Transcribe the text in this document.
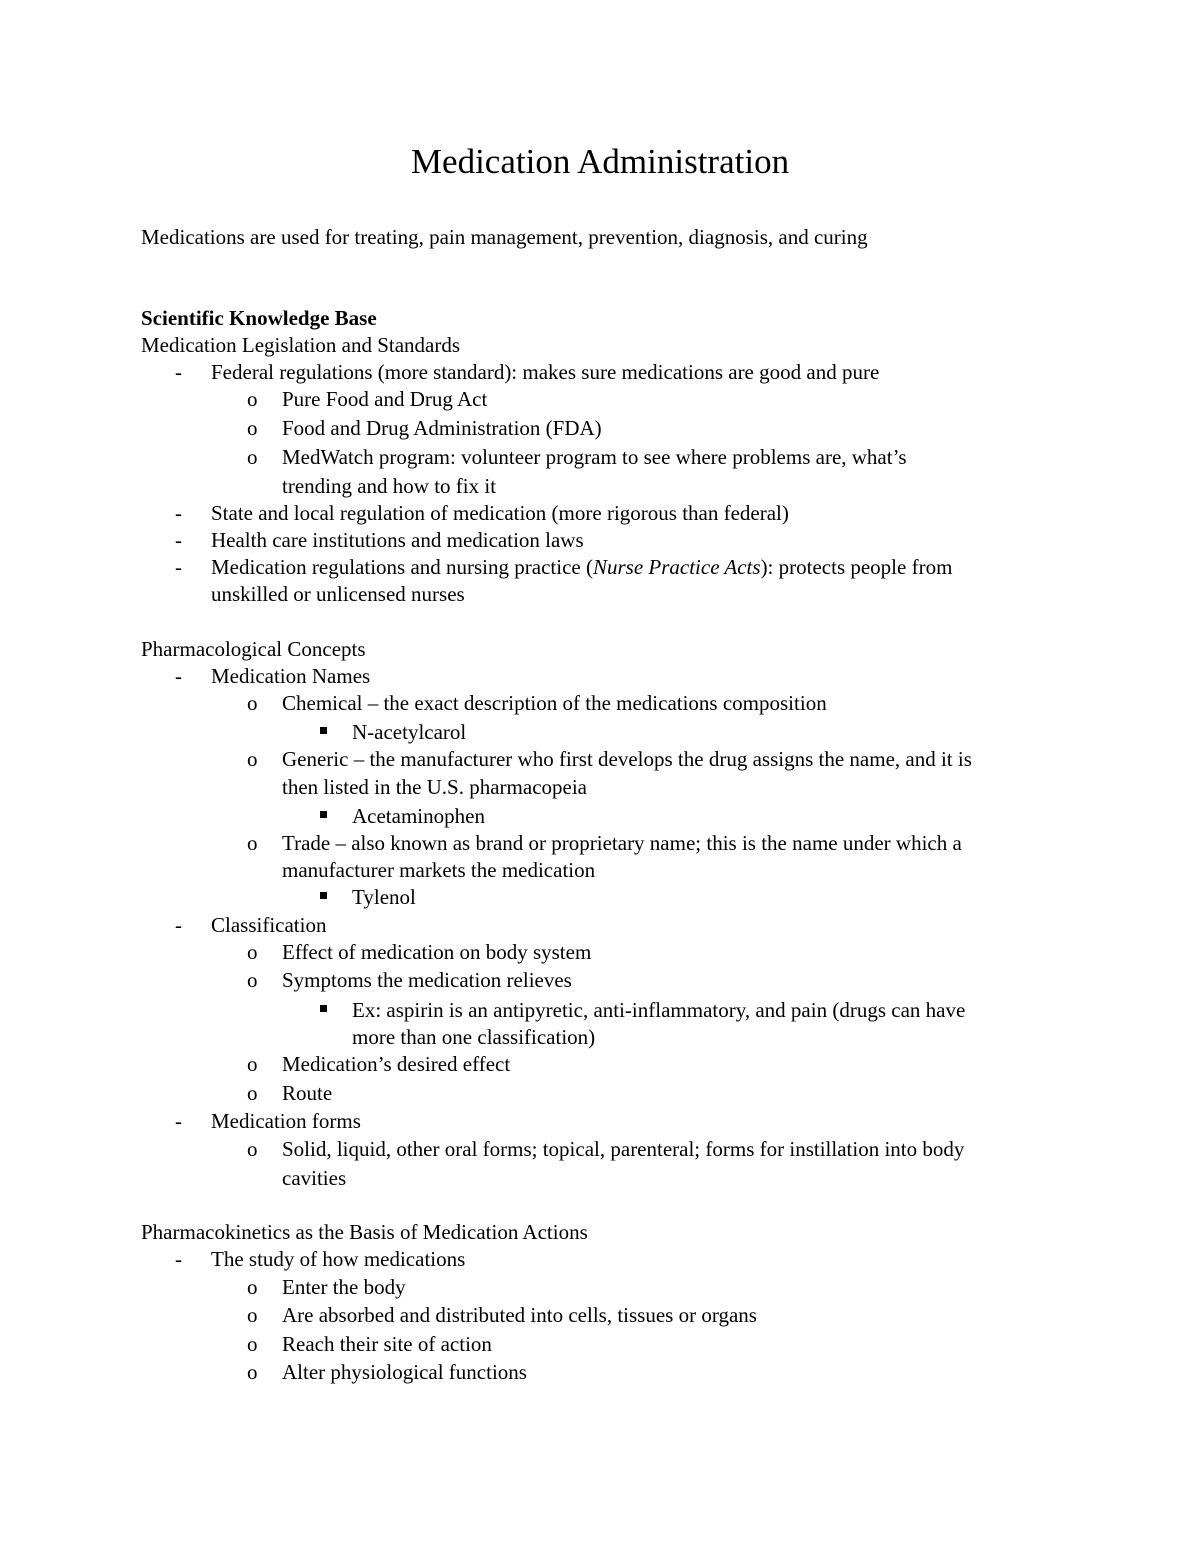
Medication Administration
Medications are used for treating, pain management, prevention, diagnosis, and curing
Scientific Knowledge Base
Medication Legislation and Standards
- Federal regulations (more standard): makes sure medications are good and pure
o Pure Food and Drug Act
o Food and Drug Administration (FDA)
o MedWatch program: volunteer program to see where problems are, what’s
trending and how to fix it
- State and local regulation of medication (more rigorous than federal)
- Health care institutions and medication laws
- Medication regulations and nursing practice (Nurse Practice Acts): protects people from
unskilled or unlicensed nurses
Pharmacological Concepts
- Medication Names
o Chemical – the exact description of the medications composition
N-acetylcarol
o Generic – the manufacturer who first develops the drug assigns the name, and it is
then listed in the U.S. pharmacopeia
Acetaminophen
o Trade – also known as brand or proprietary name; this is the name under which a
manufacturer markets the medication
Tylenol
- Classification
o Effect of medication on body system
o Symptoms the medication relieves
Ex: aspirin is an antipyretic, anti-inflammatory, and pain (drugs can have
more than one classification)
o Medication’s desired effect
o Route
- Medication forms
o Solid, liquid, other oral forms; topical, parenteral; forms for instillation into body
cavities
Pharmacokinetics as the Basis of Medication Actions
- The study of how medications
o Enter the body
o Are absorbed and distributed into cells, tissues or organs
o Reach their site of action
o Alter physiological functions
